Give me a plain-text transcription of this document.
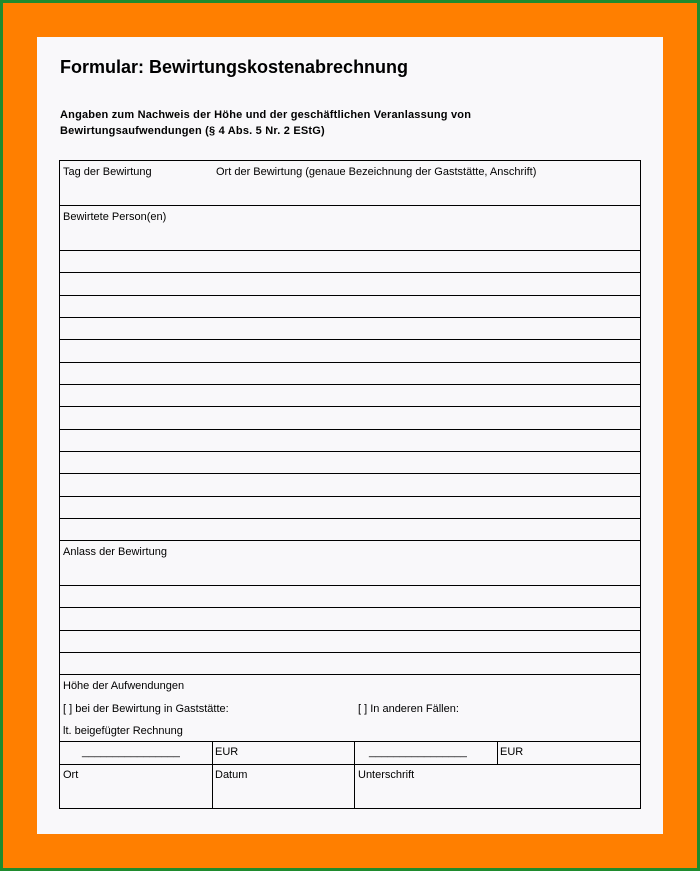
Formular: Bewirtungskostenabrechnung
Angaben zum Nachweis der Höhe und der geschäftlichen Veranlassung von
Bewirtungsaufwendungen (§ 4 Abs. 5 Nr. 2 EStG)
Tag der Bewirtung	Ort der Bewirtung (genaue Bezeichnung der Gaststätte, Anschrift)
Bewirtete Person(en)
Anlass der Bewirtung
Höhe der Aufwendungen
[ ] bei der Bewirtung in Gaststätte:	[ ] In anderen Fällen:
lt. beigefügter Rechnung
________________	EUR	________________	EUR
Ort	Datum	Unterschrift
